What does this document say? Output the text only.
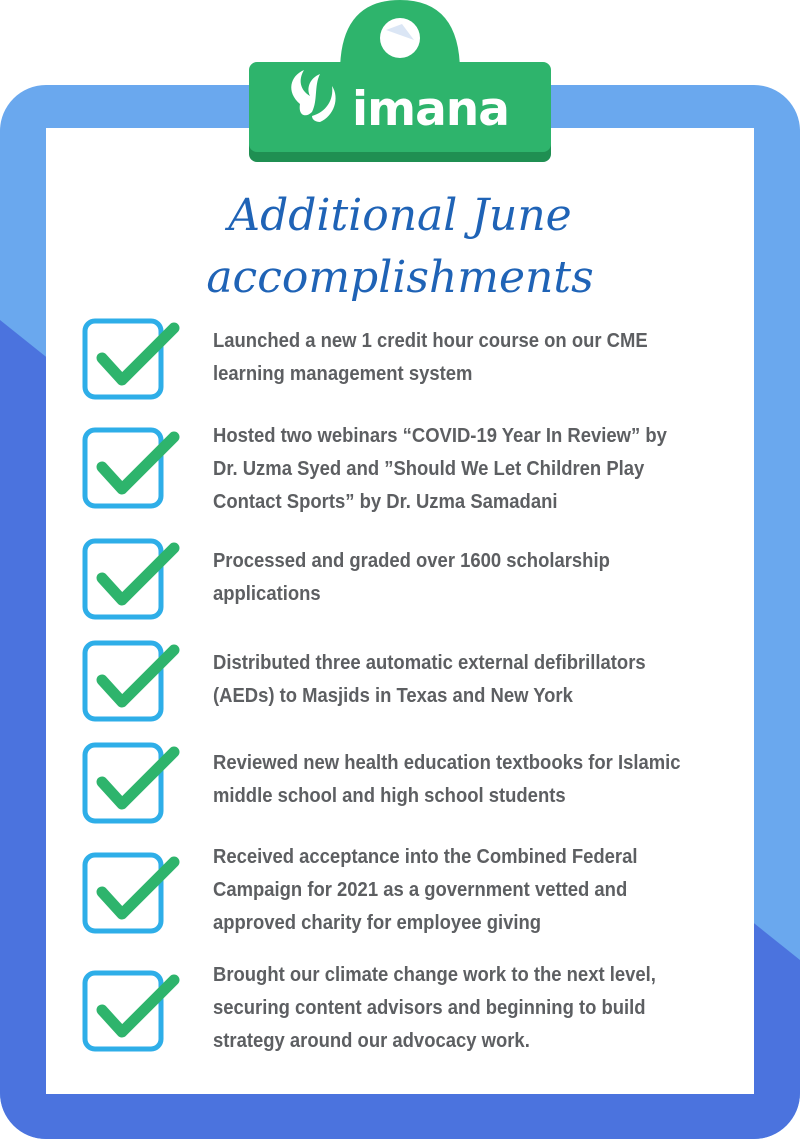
imana
Additional June
accomplishments
Launched a new 1 credit hour course on our CME learning management system
Hosted two webinars “COVID-19 Year In Review” by Dr. Uzma Syed and ”Should We Let Children Play Contact Sports” by Dr. Uzma Samadani
Processed and graded over 1600 scholarship applications
Distributed three automatic external defibrillators (AEDs) to Masjids in Texas and New York
Reviewed new health education textbooks for Islamic middle school and high school students
Received acceptance into the Combined Federal Campaign for 2021 as a government vetted and approved charity for employee giving
Brought our climate change work to the next level, securing content advisors and beginning to build strategy around our advocacy work.
